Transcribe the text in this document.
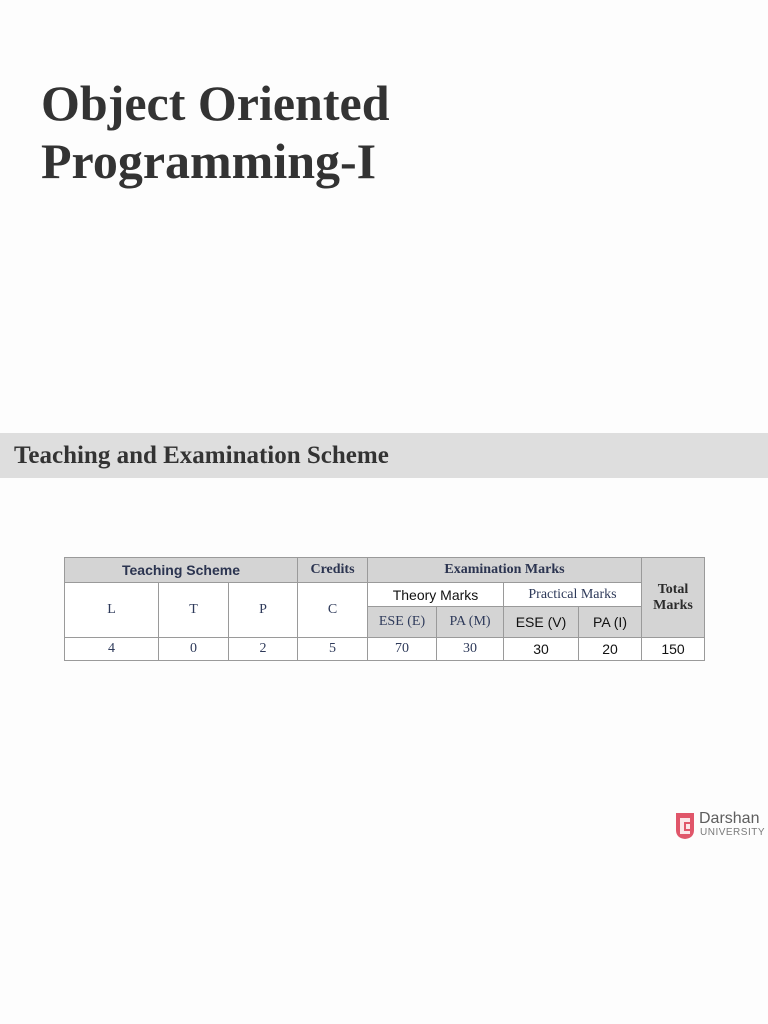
Object Oriented
Programming-I
Teaching and Examination Scheme
Teaching Scheme			Credits	Examination Marks				Total Marks
L	T	P	C	Theory Marks		Practical Marks		
				ESE (E)	PA (M)	ESE (V)	PA (I)	
4	0	2	5	70	30	30	20	150
Darshan
UNIVERSITY
